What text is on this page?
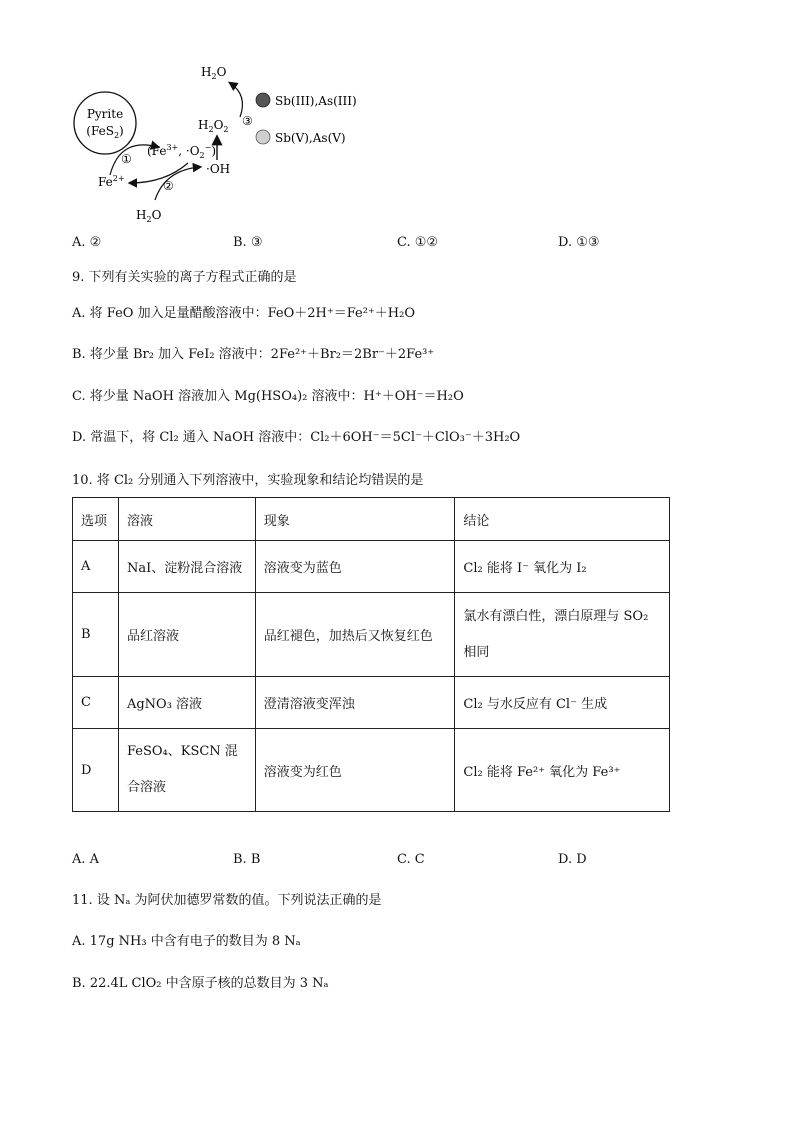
Pyrite
(FeS$_2$)
$Fe^{2+}$
①
($Fe^{3+}$, $\cdot O_2^-$)
②
·OH
$H_2O$
$H_2O_2$
③
$H_2O$
Sb(III),As(III)
Sb(V),As(V)
A. ②	B. ③	C. ①②	D. ①③
9. 下列有关实验的离子方程式正确的是
A. 将 FeO 加入足量醋酸溶液中：FeO＋2H⁺＝Fe²⁺＋H₂O
B. 将少量 Br₂ 加入 FeI₂ 溶液中：2Fe²⁺＋Br₂＝2Br⁻＋2Fe³⁺
C. 将少量 NaOH 溶液加入 Mg(HSO₄)₂ 溶液中：H⁺＋OH⁻＝H₂O
D. 常温下，将 Cl₂ 通入 NaOH 溶液中：Cl₂＋6OH⁻＝5Cl⁻＋ClO₃⁻＋3H₂O
10. 将 Cl₂ 分别通入下列溶液中，实验现象和结论均错误的是
选项	溶液	现象	结论
A	NaI、淀粉混合溶液	溶液变为蓝色	Cl₂ 能将 I⁻ 氧化为 I₂
B	品红溶液	品红褪色，加热后又恢复红色	氯水有漂白性，漂白原理与 SO₂ 相同
C	AgNO₃ 溶液	澄清溶液变浑浊	Cl₂ 与水反应有 Cl⁻ 生成
D	FeSO₄、KSCN 混合溶液	溶液变为红色	Cl₂ 能将 Fe²⁺ 氧化为 Fe³⁺
A. A	B. B	C. C	D. D
11. 设 Nₐ 为阿伏加德罗常数的值。下列说法正确的是
A. 17g NH₃ 中含有电子的数目为 8 Nₐ
B. 22.4L ClO₂ 中含原子核的总数目为 3 Nₐ
